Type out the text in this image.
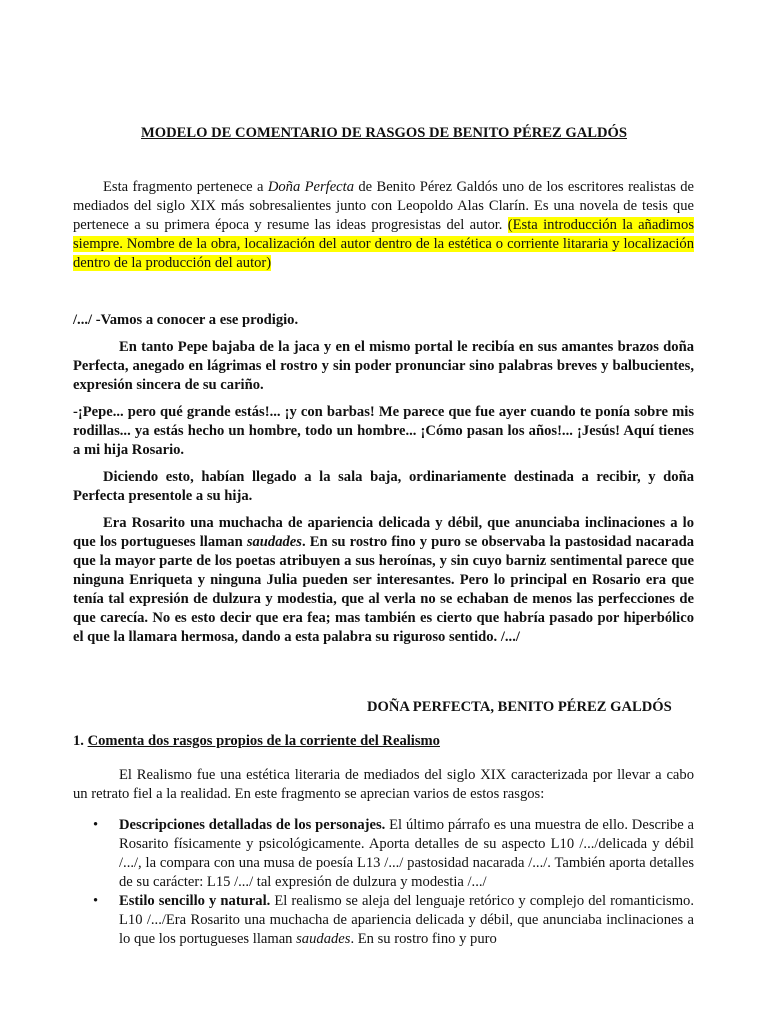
MODELO DE COMENTARIO DE RASGOS DE BENITO PÉREZ GALDÓS
Esta fragmento pertenece a Doña Perfecta de Benito Pérez Galdós uno de los escritores realistas de mediados del siglo XIX más sobresalientes junto con Leopoldo Alas Clarín. Es una novela de tesis que pertenece a su primera época y resume las ideas progresistas del autor. (Esta introducción la añadimos siempre. Nombre de la obra, localización del autor dentro de la estética o corriente litararia y localización dentro de la producción del autor)

/.../ -Vamos a conocer a ese prodigio.

En tanto Pepe bajaba de la jaca y en el mismo portal le recibía en sus amantes brazos doña Perfecta, anegado en lágrimas el rostro y sin poder pronunciar sino palabras breves y balbucientes, expresión sincera de su cariño.

-¡Pepe... pero qué grande estás!... ¡y con barbas! Me parece que fue ayer cuando te ponía sobre mis rodillas... ya estás hecho un hombre, todo un hombre... ¡Cómo pasan los años!... ¡Jesús! Aquí tienes a mi hija Rosario.

Diciendo esto, habían llegado a la sala baja, ordinariamente destinada a recibir, y doña Perfecta presentole a su hija.

Era Rosarito una muchacha de apariencia delicada y débil, que anunciaba inclinaciones a lo que los portugueses llaman saudades. En su rostro fino y puro se observaba la pastosidad nacarada que la mayor parte de los poetas atribuyen a sus heroínas, y sin cuyo barniz sentimental parece que ninguna Enriqueta y ninguna Julia pueden ser interesantes. Pero lo principal en Rosario era que tenía tal expresión de dulzura y modestia, que al verla no se echaban de menos las perfecciones de que carecía. No es esto decir que era fea; mas también es cierto que habría pasado por hiperbólico el que la llamara hermosa, dando a esta palabra su riguroso sentido. /.../

DOÑA PERFECTA, BENITO PÉREZ GALDÓS
1. Comenta dos rasgos propios de la corriente del Realismo
El Realismo fue una estética literaria de mediados del siglo XIX caracterizada por llevar a cabo un retrato fiel a la realidad. En este fragmento se aprecian varios de estos rasgos:
• Descripciones detalladas de los personajes. El último párrafo es una muestra de ello. Describe a Rosarito físicamente y psicológicamente. Aporta detalles de su aspecto L10 /.../delicada y débil /.../, la compara con una musa de poesía L13 /.../ pastosidad nacarada /.../. También aporta detalles de su carácter: L15 /.../ tal expresión de dulzura y modestia /.../
• Estilo sencillo y natural. El realismo se aleja del lenguaje retórico y complejo del romanticismo. L10 /.../Era Rosarito una muchacha de apariencia delicada y débil, que anunciaba inclinaciones a lo que los portugueses llaman saudades. En su rostro fino y puro
